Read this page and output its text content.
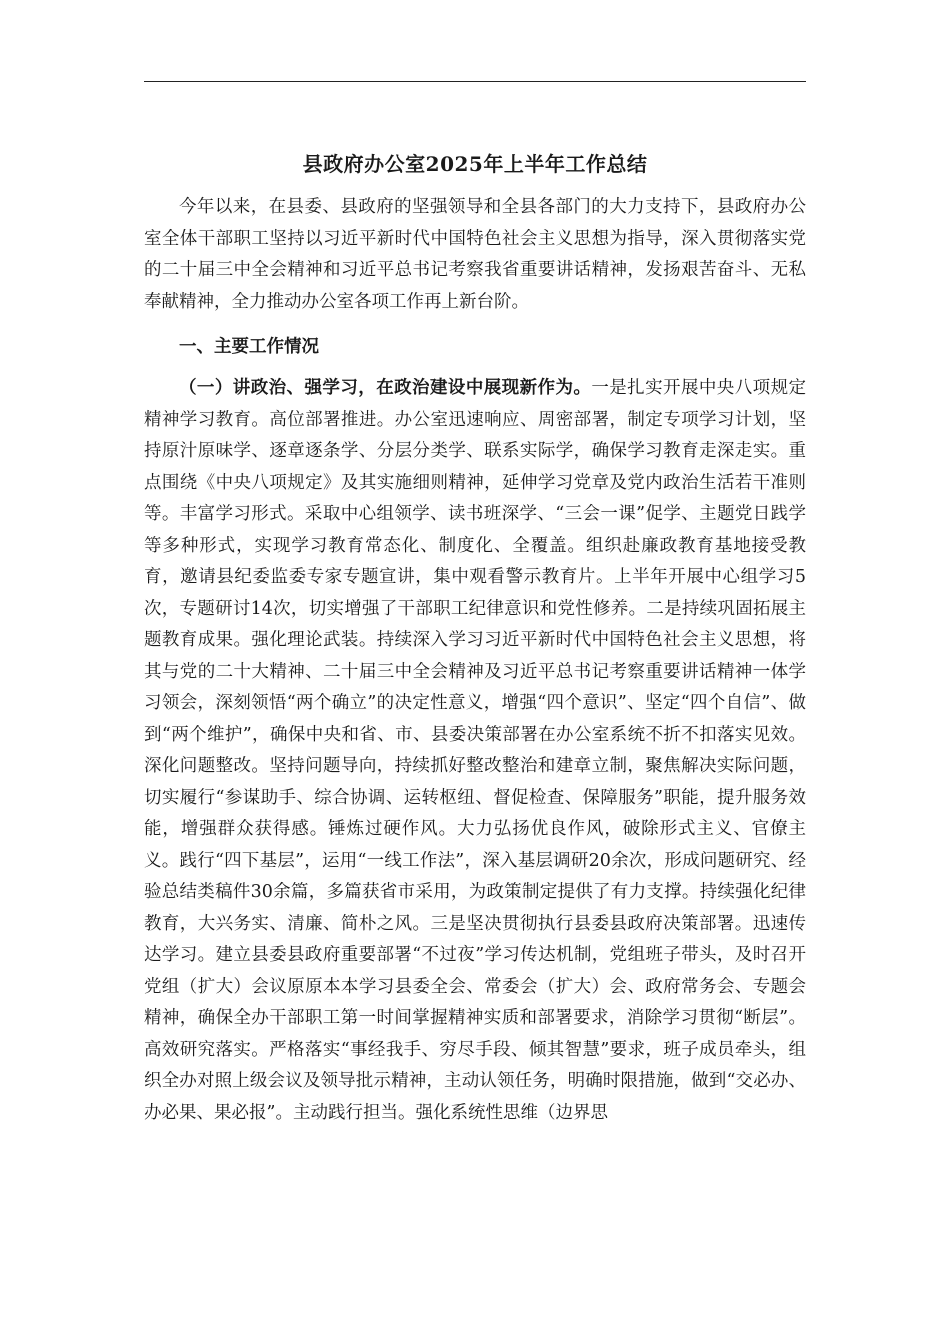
县政府办公室2025年上半年工作总结

今年以来，在县委、县政府的坚强领导和全县各部门的大力支持下，县政府办公室全体干部职工坚持以习近平新时代中国特色社会主义思想为指导，深入贯彻落实党的二十届三中全会精神和习近平总书记考察我省重要讲话精神，发扬艰苦奋斗、无私奉献精神，全力推动办公室各项工作再上新台阶。

一、主要工作情况

（一）讲政治、强学习，在政治建设中展现新作为。一是扎实开展中央八项规定精神学习教育。高位部署推进。办公室迅速响应、周密部署，制定专项学习计划，坚持原汁原味学、逐章逐条学、分层分类学、联系实际学，确保学习教育走深走实。重点围绕《中央八项规定》及其实施细则精神，延伸学习党章及党内政治生活若干准则等。丰富学习形式。采取中心组领学、读书班深学、“三会一课”促学、主题党日践学等多种形式，实现学习教育常态化、制度化、全覆盖。组织赴廉政教育基地接受教育，邀请县纪委监委专家专题宣讲，集中观看警示教育片。上半年开展中心组学习5次，专题研讨14次，切实增强了干部职工纪律意识和党性修养。二是持续巩固拓展主题教育成果。强化理论武装。持续深入学习习近平新时代中国特色社会主义思想，将其与党的二十大精神、二十届三中全会精神及习近平总书记考察重要讲话精神一体学习领会，深刻领悟“两个确立”的决定性意义，增强“四个意识”、坚定“四个自信”、做到“两个维护”，确保中央和省、市、县委决策部署在办公室系统不折不扣落实见效。深化问题整改。坚持问题导向，持续抓好整改整治和建章立制，聚焦解决实际问题，切实履行“参谋助手、综合协调、运转枢纽、督促检查、保障服务”职能，提升服务效能，增强群众获得感。锤炼过硬作风。大力弘扬优良作风，破除形式主义、官僚主义。践行“四下基层”，运用“一线工作法”，深入基层调研20余次，形成问题研究、经验总结类稿件30余篇，多篇获省市采用，为政策制定提供了有力支撑。持续强化纪律教育，大兴务实、清廉、简朴之风。三是坚决贯彻执行县委县政府决策部署。迅速传达学习。建立县委县政府重要部署“不过夜”学习传达机制，党组班子带头，及时召开党组（扩大）会议原原本本学习县委全会、常委会（扩大）会、政府常务会、专题会精神，确保全办干部职工第一时间掌握精神实质和部署要求，消除学习贯彻“断层”。高效研究落实。严格落实“事经我手、穷尽手段、倾其智慧”要求，班子成员牵头，组织全办对照上级会议及领导批示精神，主动认领任务，明确时限措施，做到“交必办、办必果、果必报”。主动践行担当。强化系统性思维（边界思
